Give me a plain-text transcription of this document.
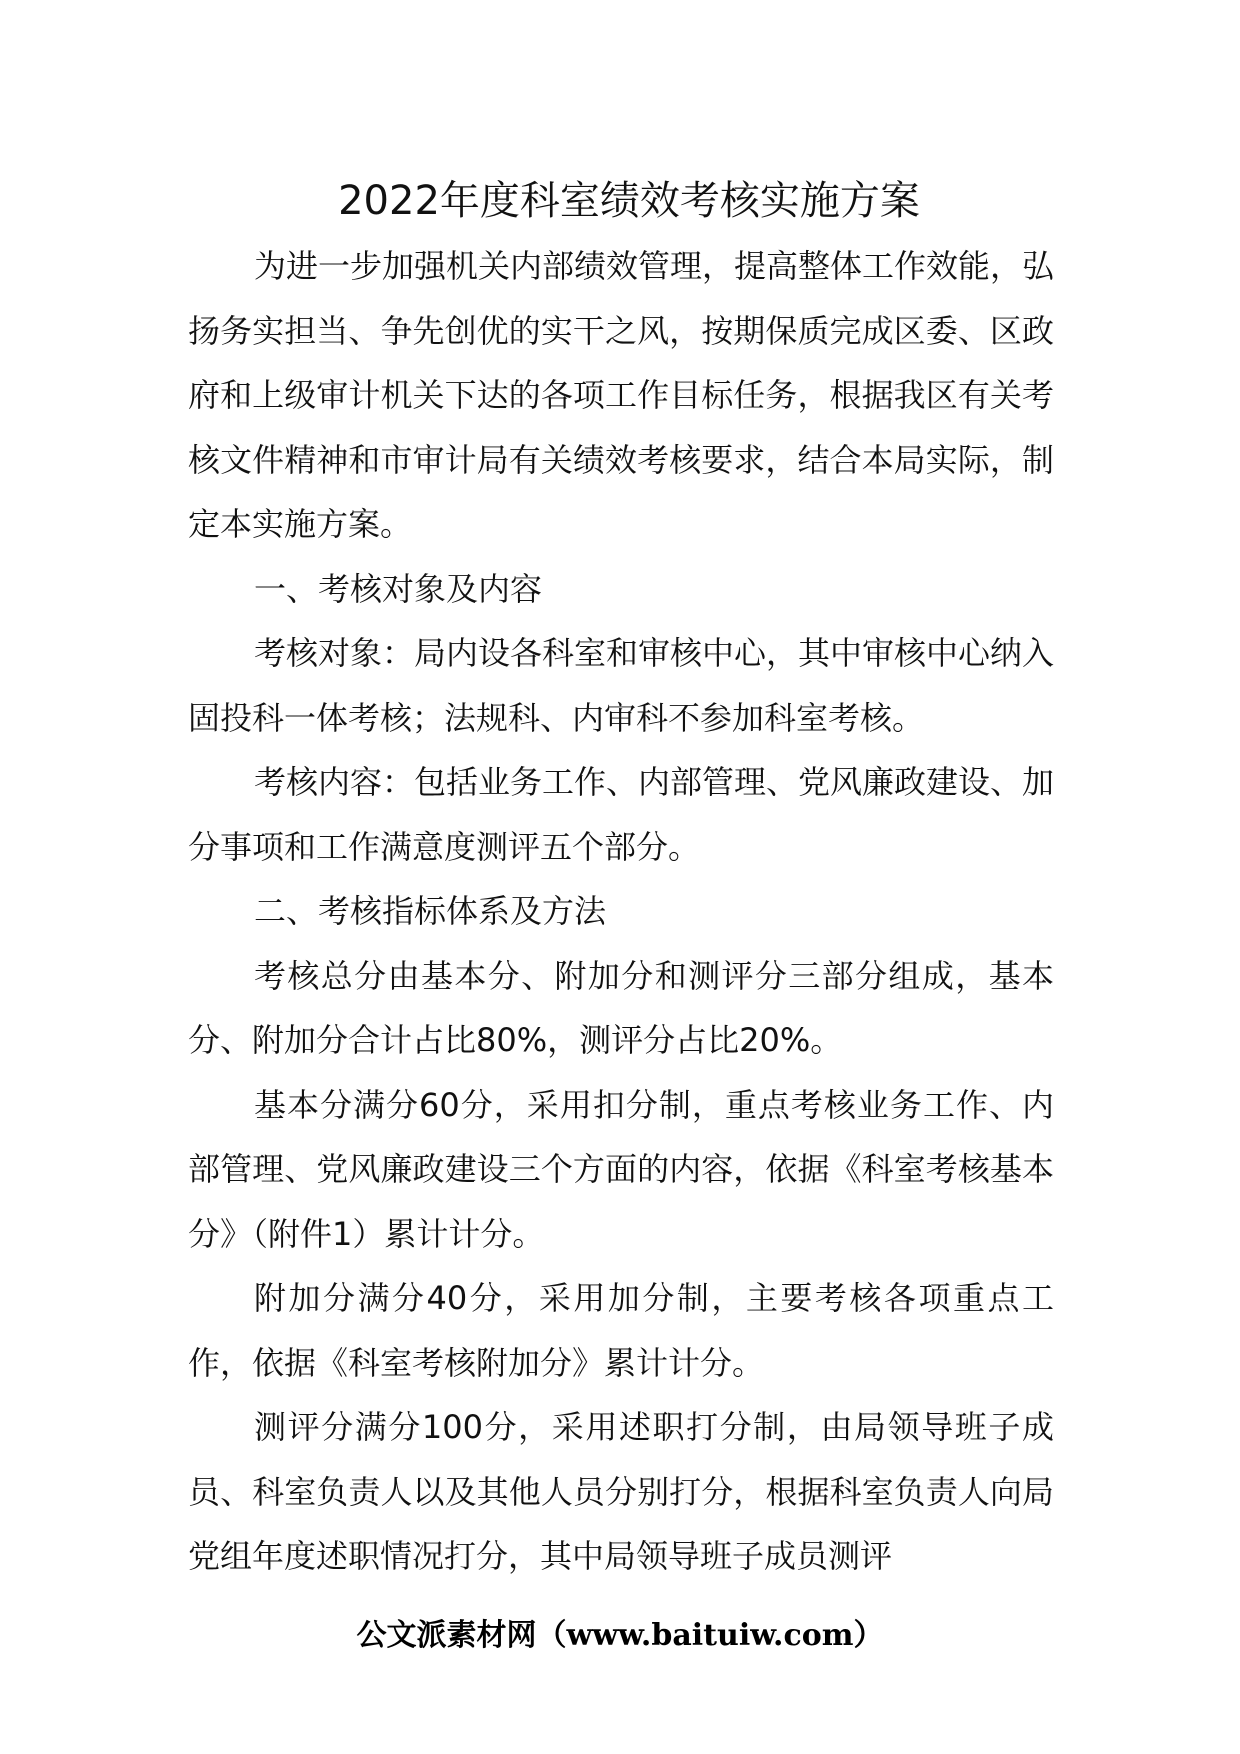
2022年度科室绩效考核实施方案

为进一步加强机关内部绩效管理，提高整体工作效能，弘扬务实担当、争先创优的实干之风，按期保质完成区委、区政府和上级审计机关下达的各项工作目标任务，根据我区有关考核文件精神和市审计局有关绩效考核要求，结合本局实际，制定本实施方案。

一、考核对象及内容

考核对象：局内设各科室和审核中心，其中审核中心纳入固投科一体考核；法规科、内审科不参加科室考核。

考核内容：包括业务工作、内部管理、党风廉政建设、加分事项和工作满意度测评五个部分。

二、考核指标体系及方法

考核总分由基本分、附加分和测评分三部分组成，基本分、附加分合计占比80%，测评分占比20%。

基本分满分60分，采用扣分制，重点考核业务工作、内部管理、党风廉政建设三个方面的内容，依据《科室考核基本分》（附件1）累计计分。

附加分满分40分，采用加分制，主要考核各项重点工作，依据《科室考核附加分》累计计分。

测评分满分100分，采用述职打分制，由局领导班子成员、科室负责人以及其他人员分别打分，根据科室负责人向局党组年度述职情况打分，其中局领导班子成员测评

公文派素材网（www.baituiw.com）
